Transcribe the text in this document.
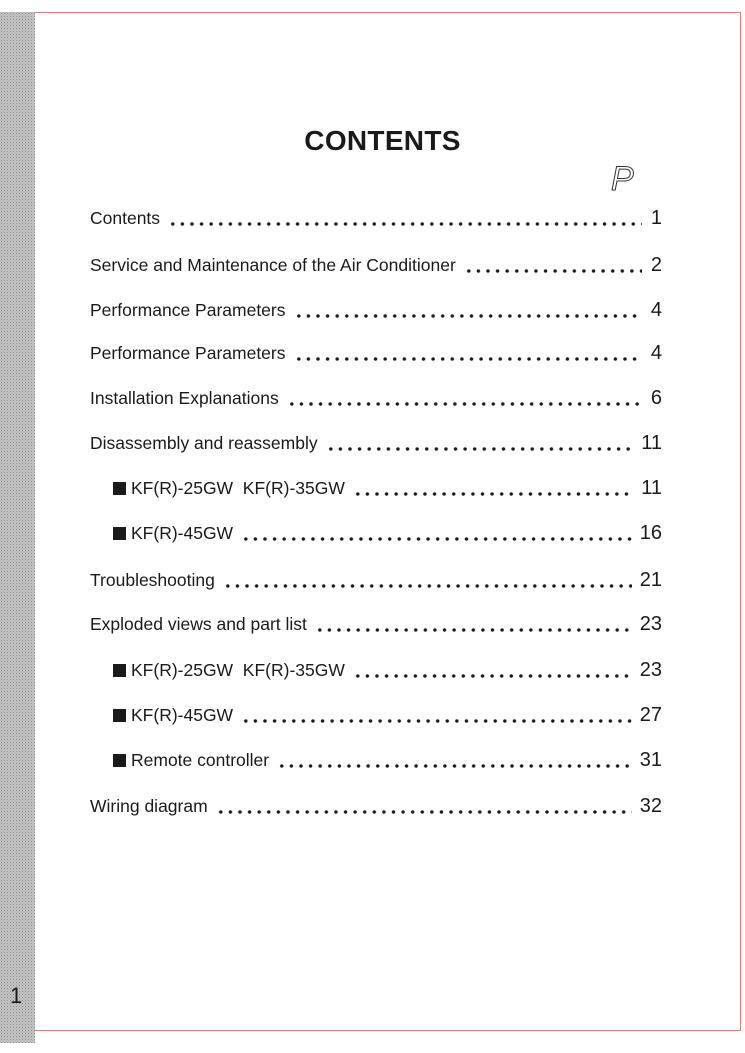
CONTENTS
P
Contents	1
Service and Maintenance of the Air Conditioner	2
Performance Parameters	4
Performance Parameters	4
Installation Explanations	6
Disassembly and reassembly	11
KF(R)-25GW  KF(R)-35GW	11
KF(R)-45GW	16
Troubleshooting	21
Exploded views and part list	23
KF(R)-25GW  KF(R)-35GW	23
KF(R)-45GW	27
Remote controller	31
Wiring diagram	32
1
